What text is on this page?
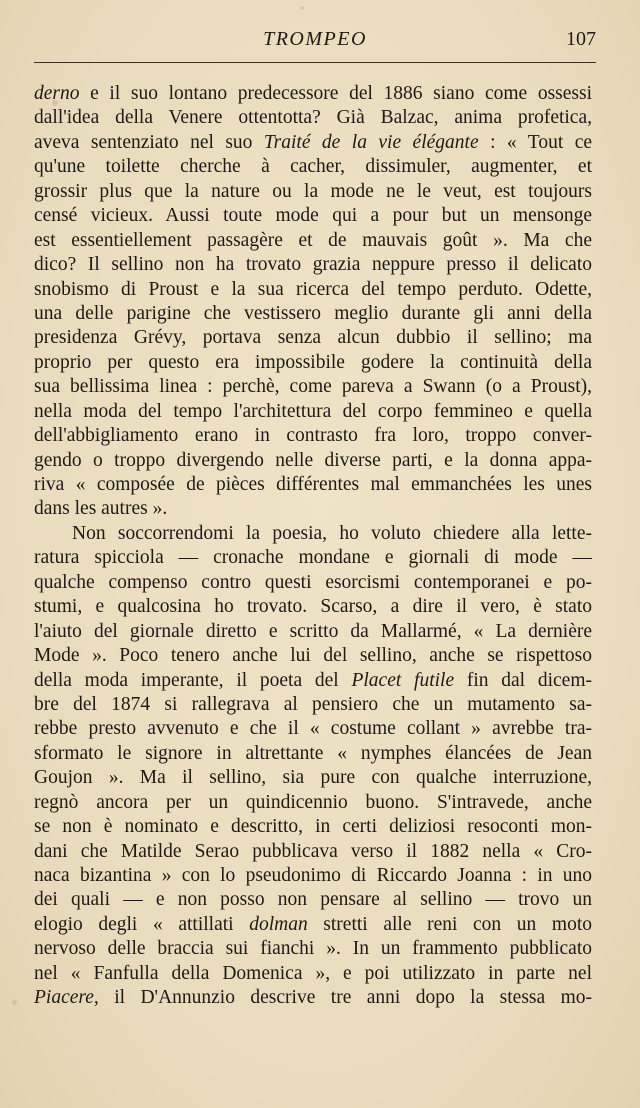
TROMPEO	107
derno e il suo lontano predecessore del 1886 siano come ossessi
dall'idea della Venere ottentotta? Già Balzac, anima profetica,
aveva sentenziato nel suo Traité de la vie élégante : « Tout ce
qu'une toilette cherche à cacher, dissimuler, augmenter, et
grossir plus que la nature ou la mode ne le veut, est toujours
censé vicieux. Aussi toute mode qui a pour but un mensonge
est essentiellement passagère et de mauvais goût ». Ma che
dico? Il sellino non ha trovato grazia neppure presso il delicato
snobismo di Proust e la sua ricerca del tempo perduto. Odette,
una delle parigine che vestissero meglio durante gli anni della
presidenza Grévy, portava senza alcun dubbio il sellino; ma
proprio per questo era impossibile godere la continuità della
sua bellissima linea : perchè, come pareva a Swann (o a Proust),
nella moda del tempo l'architettura del corpo femmineo e quella
dell'abbigliamento erano in contrasto fra loro, troppo conver-
gendo o troppo divergendo nelle diverse parti, e la donna appa-
riva « composée de pièces différentes mal emmanchées les unes
dans les autres ».
Non soccorrendomi la poesia, ho voluto chiedere alla lette-
ratura spicciola — cronache mondane e giornali di mode —
qualche compenso contro questi esorcismi contemporanei e po-
stumi, e qualcosina ho trovato. Scarso, a dire il vero, è stato
l'aiuto del giornale diretto e scritto da Mallarmé, « La dernière
Mode ». Poco tenero anche lui del sellino, anche se rispettoso
della moda imperante, il poeta del Placet futile fin dal dicem-
bre del 1874 si rallegrava al pensiero che un mutamento sa-
rebbe presto avvenuto e che il « costume collant » avrebbe tra-
sformato le signore in altrettante « nymphes élancées de Jean
Goujon ». Ma il sellino, sia pure con qualche interruzione,
regnò ancora per un quindicennio buono. S'intravede, anche
se non è nominato e descritto, in certi deliziosi resoconti mon-
dani che Matilde Serao pubblicava verso il 1882 nella « Cro-
naca bizantina » con lo pseudonimo di Riccardo Joanna : in uno
dei quali — e non posso non pensare al sellino — trovo un
elogio degli « attillati dolman stretti alle reni con un moto
nervoso delle braccia sui fianchi ». In un frammento pubblicato
nel « Fanfulla della Domenica », e poi utilizzato in parte nel
Piacere, il D'Annunzio descrive tre anni dopo la stessa mo-
